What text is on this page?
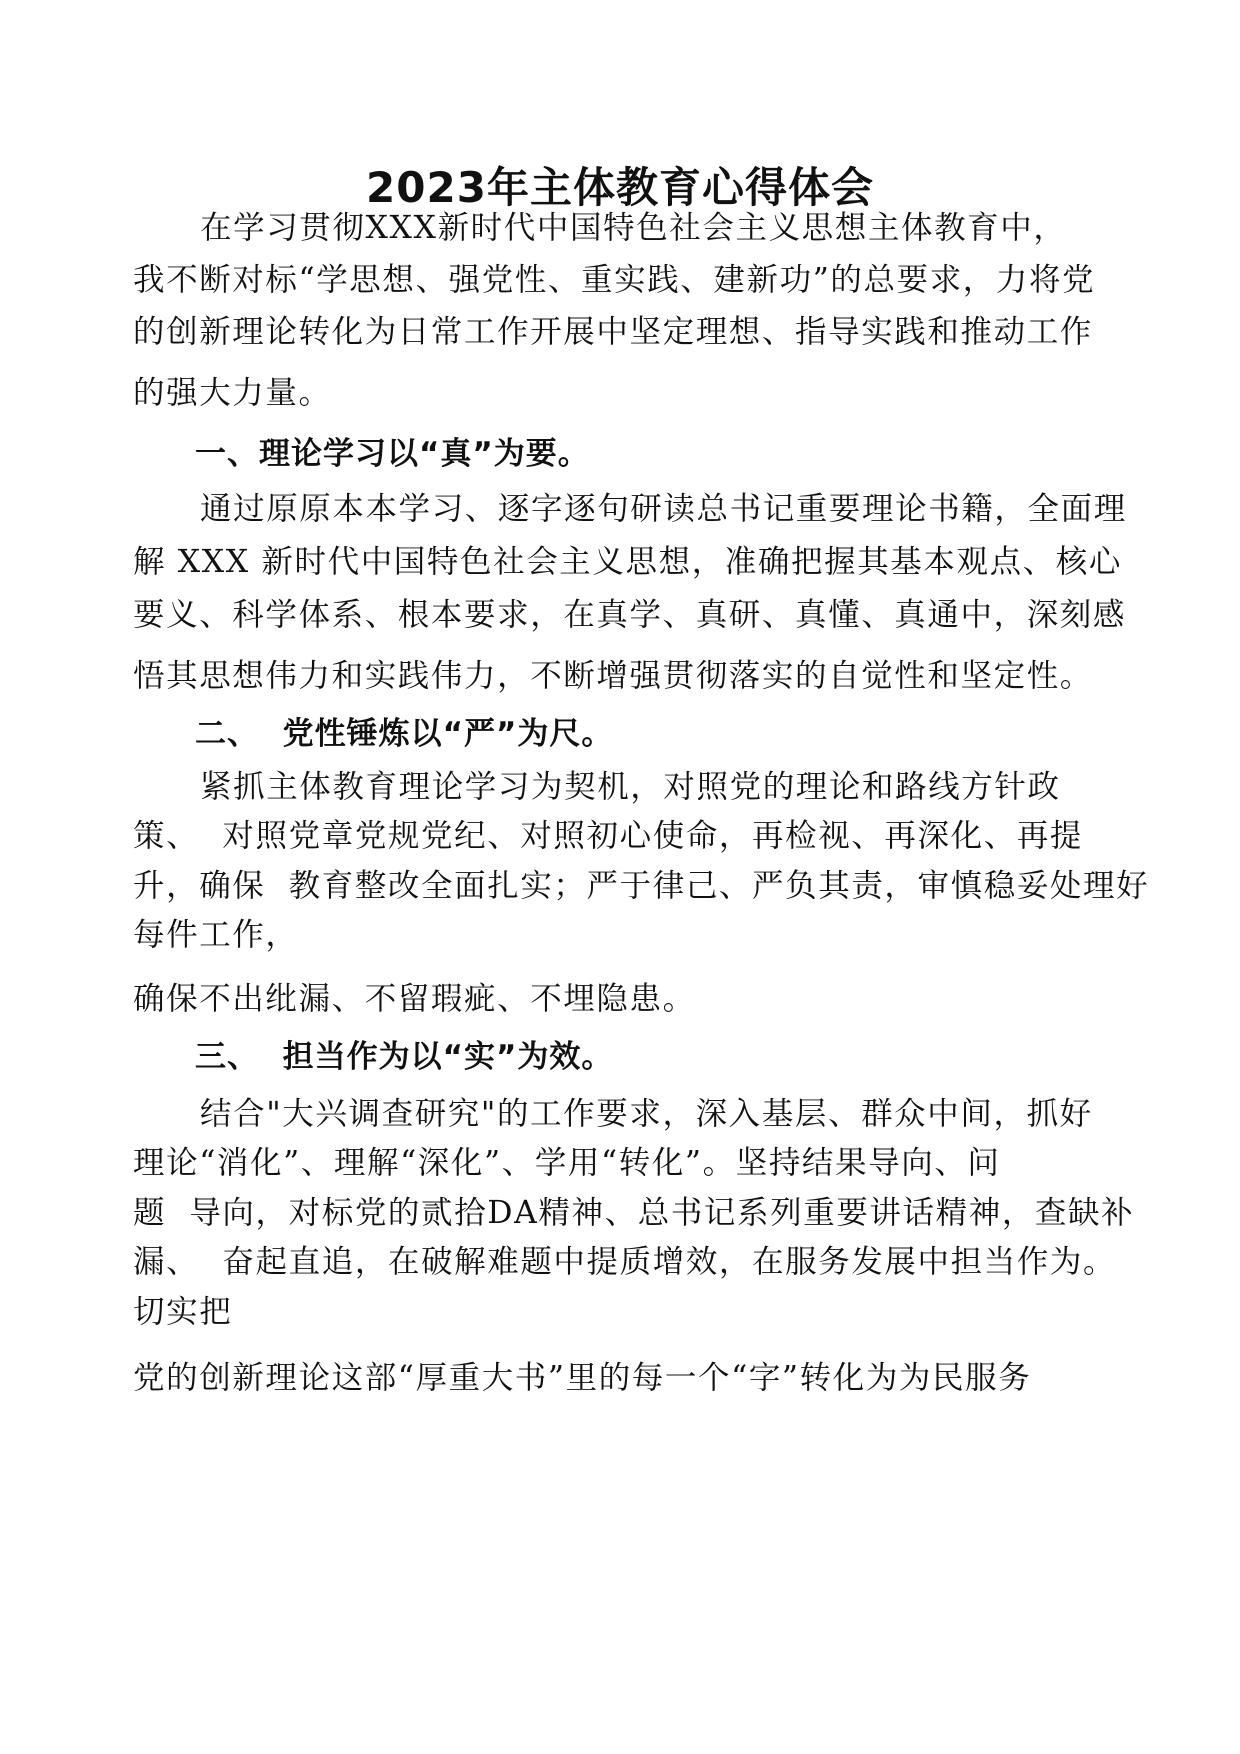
2023年主体教育心得体会
在学习贯彻XXX新时代中国特色社会主义思想主体教育中，
我不断对标“学思想、强党性、重实践、建新功”的总要求，力将党
的创新理论转化为日常工作开展中坚定理想、指导实践和推动工作
的强大力量。
一、理论学习以“真”为要。
通过原原本本学习、逐字逐句研读总书记重要理论书籍，全面理
解 XXX 新时代中国特色社会主义思想，准确把握其基本观点、核心
要义、科学体系、根本要求，在真学、真研、真懂、真通中，深刻感
悟其思想伟力和实践伟力，不断增强贯彻落实的自觉性和坚定性。
二、  党性锤炼以“严”为尺。
紧抓主体教育理论学习为契机，对照党的理论和路线方针政
策、  对照党章党规党纪、对照初心使命，再检视、再深化、再提
升，确保  教育整改全面扎实；严于律己、严负其责，审慎稳妥处理好
每件工作，
确保不出纰漏、不留瑕疵、不埋隐患。
三、  担当作为以“实”为效。
结合"大兴调查研究"的工作要求，深入基层、群众中间，抓好
理论“消化”、理解“深化”、学用“转化”。坚持结果导向、问
题  导向，对标党的贰拾DA精神、总书记系列重要讲话精神，查缺补
漏、  奋起直追，在破解难题中提质增效，在服务发展中担当作为。
切实把
党的创新理论这部“厚重大书”里的每一个“字”转化为为民服务
